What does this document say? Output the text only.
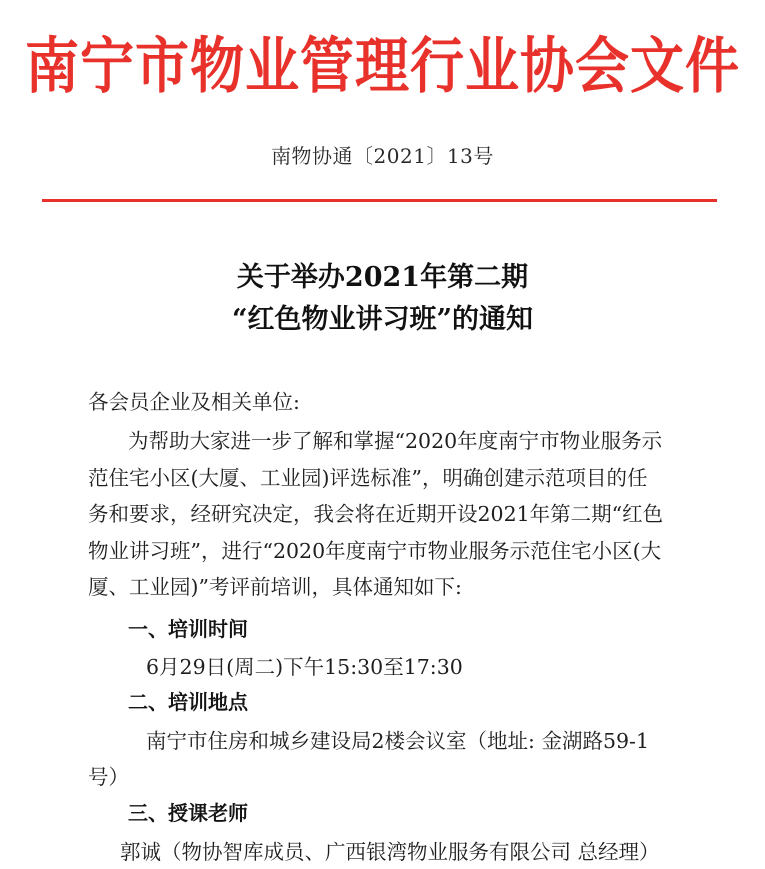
南宁市物业管理行业协会文件
南物协通〔2021〕13号
关于举办2021年第二期
“红色物业讲习班”的通知
各会员企业及相关单位:
为帮助大家进一步了解和掌握“2020年度南宁市物业服务示
范住宅小区(大厦、工业园)评选标准”，明确创建示范项目的任
务和要求，经研究决定，我会将在近期开设2021年第二期“红色
物业讲习班”，进行“2020年度南宁市物业服务示范住宅小区(大
厦、工业园)”考评前培训，具体通知如下:
一、培训时间
6月29日(周二)下午15:30至17:30
二、培训地点
南宁市住房和城乡建设局2楼会议室（地址: 金湖路59-1
号）
三、授课老师
郭诚（物协智库成员、广西银湾物业服务有限公司 总经理）
